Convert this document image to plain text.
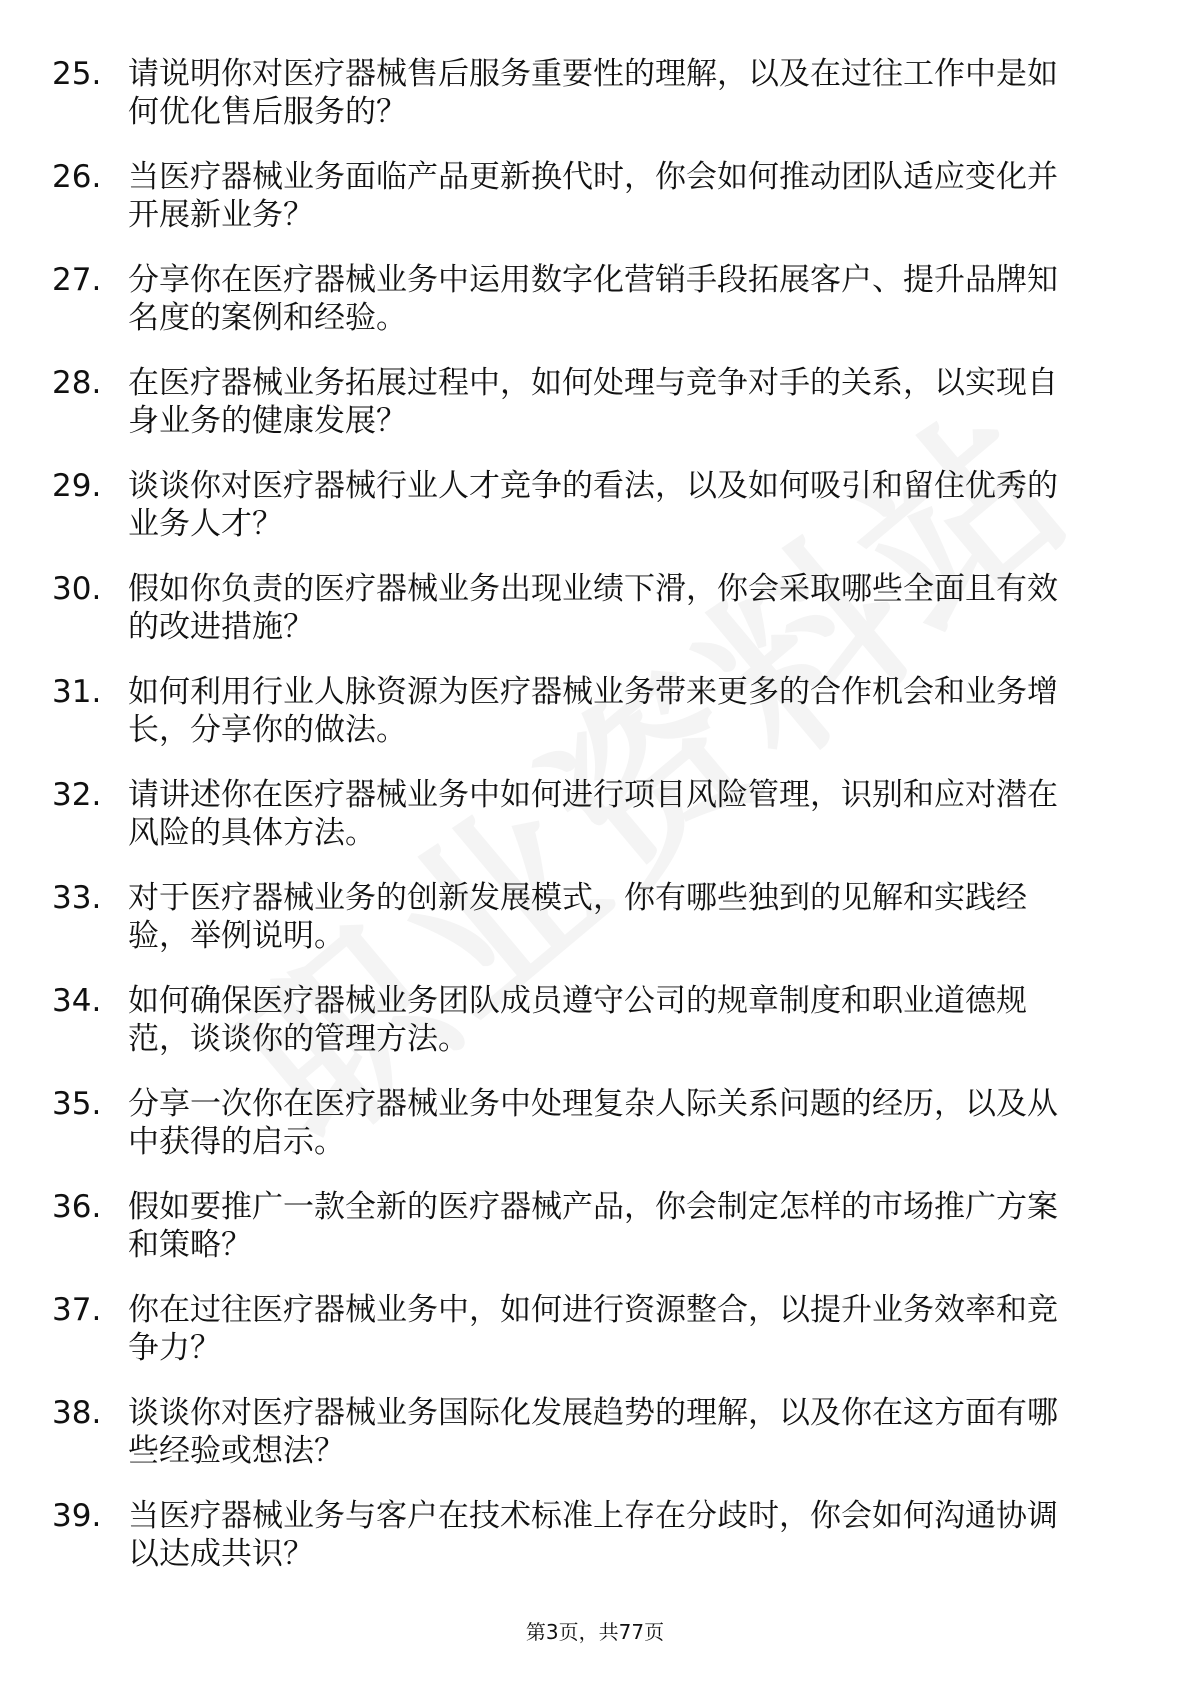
25. 请说明你对医疗器械售后服务重要性的理解，以及在过往工作中是如何优化售后服务的？
26. 当医疗器械业务面临产品更新换代时，你会如何推动团队适应变化并开展新业务？
27. 分享你在医疗器械业务中运用数字化营销手段拓展客户、提升品牌知名度的案例和经验。
28. 在医疗器械业务拓展过程中，如何处理与竞争对手的关系，以实现自身业务的健康发展？
29. 谈谈你对医疗器械行业人才竞争的看法，以及如何吸引和留住优秀的业务人才？
30. 假如你负责的医疗器械业务出现业绩下滑，你会采取哪些全面且有效的改进措施？
31. 如何利用行业人脉资源为医疗器械业务带来更多的合作机会和业务增长，分享你的做法。
32. 请讲述你在医疗器械业务中如何进行项目风险管理，识别和应对潜在风险的具体方法。
33. 对于医疗器械业务的创新发展模式，你有哪些独到的见解和实践经验，举例说明。
34. 如何确保医疗器械业务团队成员遵守公司的规章制度和职业道德规范，谈谈你的管理方法。
35. 分享一次你在医疗器械业务中处理复杂人际关系问题的经历，以及从中获得的启示。
36. 假如要推广一款全新的医疗器械产品，你会制定怎样的市场推广方案和策略？
37. 你在过往医疗器械业务中，如何进行资源整合，以提升业务效率和竞争力？
38. 谈谈你对医疗器械业务国际化发展趋势的理解，以及你在这方面有哪些经验或想法？
39. 当医疗器械业务与客户在技术标准上存在分歧时，你会如何沟通协调以达成共识？
第3页，共77页
